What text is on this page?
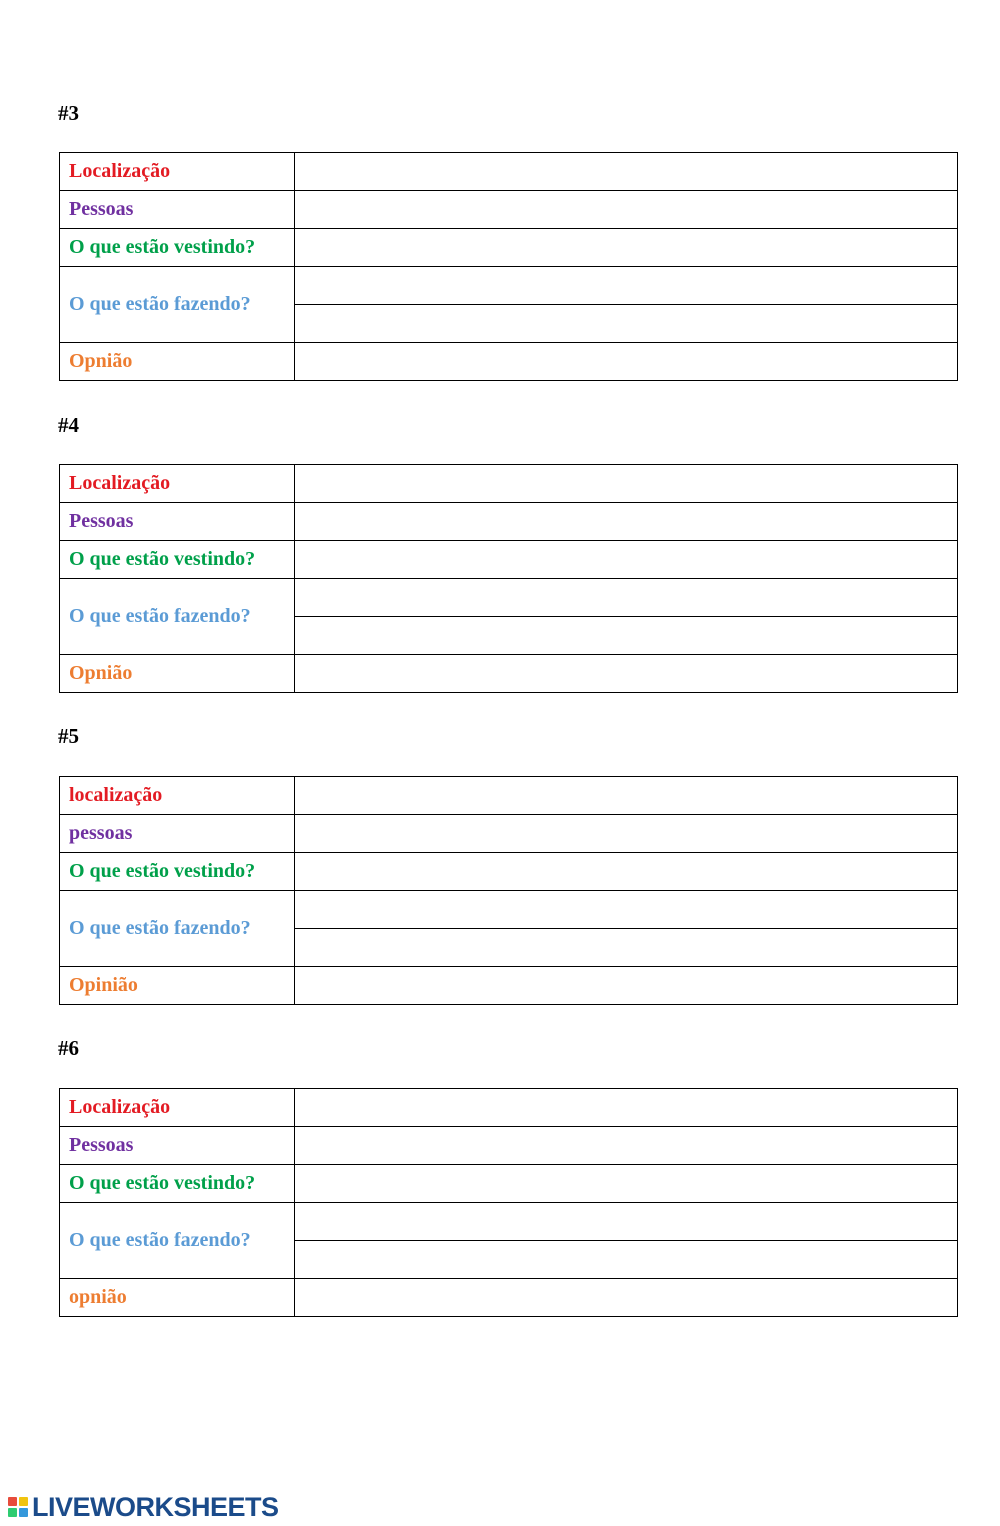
#3
Localização	

Pessoas	

O que estão vestindo?	

O que estão fazendo?	

Opnião	
#4
Localização	

Pessoas	

O que estão vestindo?	

O que estão fazendo?	

Opnião	
#5
localização	

pessoas	

O que estão vestindo?	

O que estão fazendo?	

Opinião	
#6
Localização	

Pessoas	

O que estão vestindo?	

O que estão fazendo?	

opnião	
LIVEWORKSHEETS
